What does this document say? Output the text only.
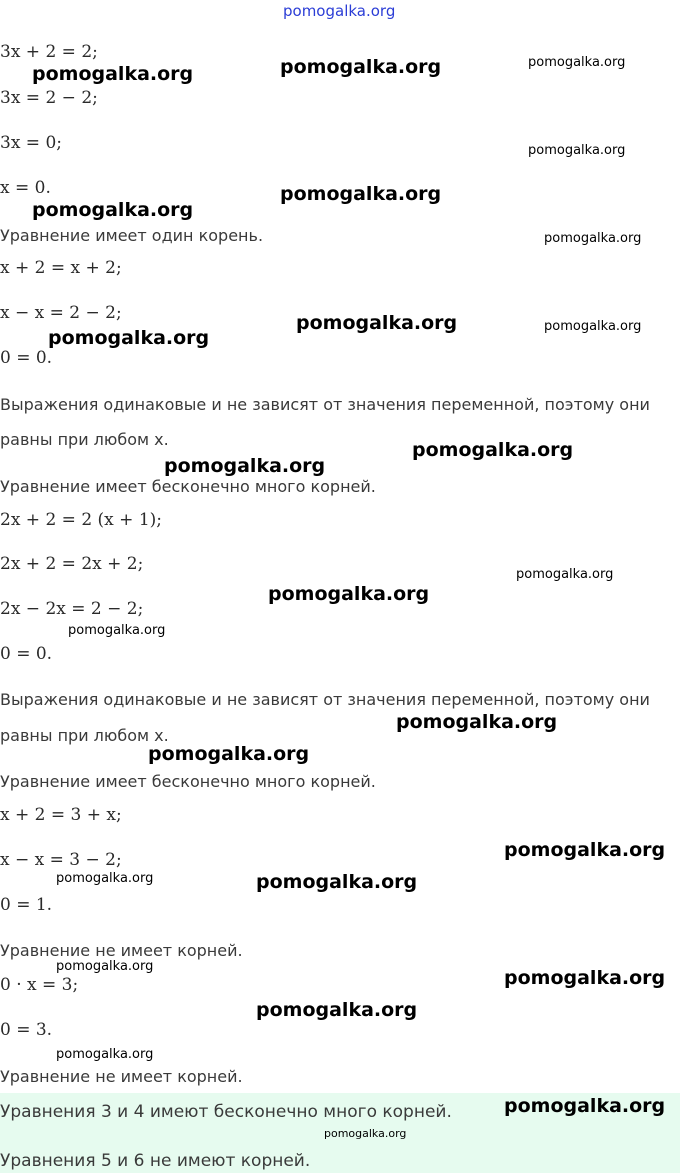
pomogalka.org
3x + 2 = 2;
3x = 2 − 2;
3x = 0;
x = 0.
Уравнение имеет один корень.
x + 2 = x + 2;
x − x = 2 − 2;
0 = 0.
Выражения одинаковые и не зависят от значения переменной, поэтому они
равны при любом x.
Уравнение имеет бесконечно много корней.
2x + 2 = 2 (x + 1);
2x + 2 = 2x + 2;
2x − 2x = 2 − 2;
0 = 0.
Выражения одинаковые и не зависят от значения переменной, поэтому они
равны при любом x.
Уравнение имеет бесконечно много корней.
x + 2 = 3 + x;
x − x = 3 − 2;
0 = 1.
Уравнение не имеет корней.
0 · x = 3;
0 = 3.
Уравнение не имеет корней.
Уравнения 3 и 4 имеют бесконечно много корней.
Уравнения 5 и 6 не имеют корней.
pomogalka.org	pomogalka.org	pomogalka.org
pomogalka.org
pomogalka.org
pomogalka.org
pomogalka.org
pomogalka.org	pomogalka.org
pomogalka.org
pomogalka.org
pomogalka.org
pomogalka.org
pomogalka.org
pomogalka.org
pomogalka.org
pomogalka.org
pomogalka.org
pomogalka.org	pomogalka.org
pomogalka.org
pomogalka.org
pomogalka.org
pomogalka.org
pomogalka.org
pomogalka.org
